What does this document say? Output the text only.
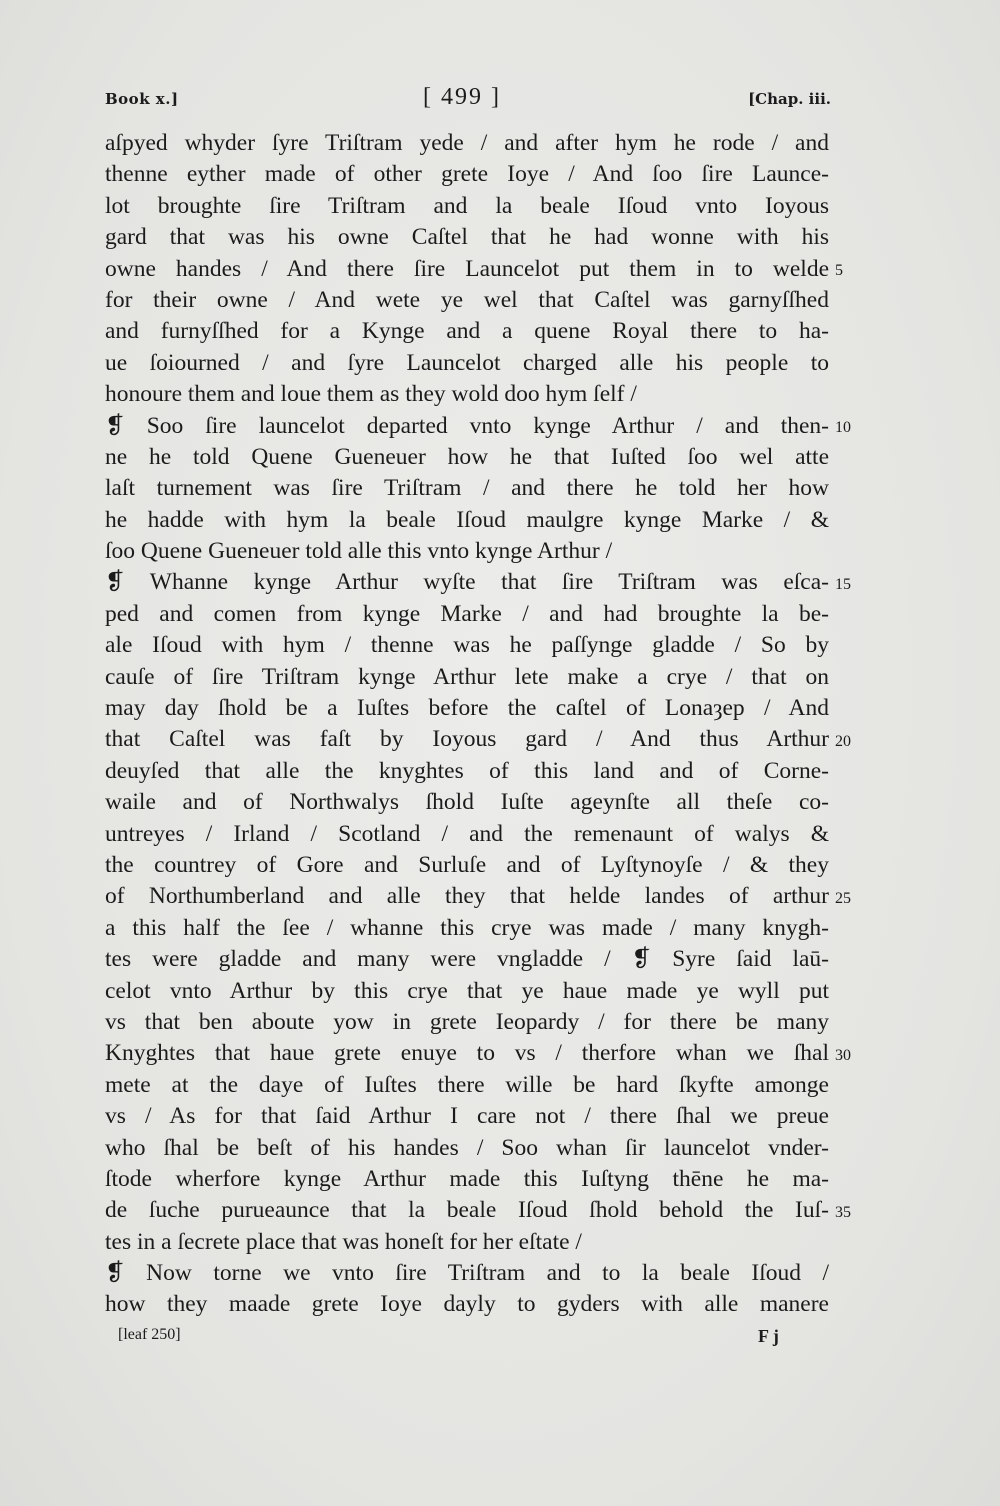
Book x.]	[ 499 ]	[Chap. iii.
aſpyed whyder ſyre Triſtram yede / and after hym he rode / and
thenne eyther made of other grete Ioye / And ſoo ſire Launce-
lot broughte ſire Triſtram and la beale Iſoud vnto Ioyous
gard that was his owne Caſtel that he had wonne with his
owne handes / And there ſire Launcelot put them in to welde
for their owne / And wete ye wel that Caſtel was garnyſſhed
and furnyſſhed for a Kynge and a quene Royal there to ha-
ue ſoiourned / and ſyre Launcelot charged alle his people to
honoure them and loue them as they wold doo hym ſelf /
❡ Soo ſire launcelot departed vnto kynge Arthur / and then-
ne he told Quene Gueneuer how he that Iuſted ſoo wel atte
laſt turnement was ſire Triſtram / and there he told her how
he hadde with hym la beale Iſoud maulgre kynge Marke / &
ſoo Quene Gueneuer told alle this vnto kynge Arthur /
❡ Whanne kynge Arthur wyſte that ſire Triſtram was eſca-
ped and comen from kynge Marke / and had broughte la be-
ale Iſoud with hym / thenne was he paſſynge gladde / So by
cauſe of ſire Triſtram kynge Arthur lete make a crye / that on
may day ſhold be a Iuſtes before the caſtel of Lonaȝep / And
that Caſtel was faſt by Ioyous gard / And thus Arthur
deuyſed that alle the knyghtes of this land and of Corne-
waile and of Northwalys ſhold Iuſte ageynſte all theſe co-
untreyes / Irland / Scotland / and the remenaunt of walys &
the countrey of Gore and Surluſe and of Lyſtynoyſe / & they
of Northumberland and alle they that helde landes of arthur
a this half the ſee / whanne this crye was made / many knygh-
tes were gladde and many were vngladde / ❡ Syre ſaid laū-
celot vnto Arthur by this crye that ye haue made ye wyll put
vs that ben aboute yow in grete Ieopardy / for there be many
Knyghtes that haue grete enuye to vs / therfore whan we ſhal
mete at the daye of Iuſtes there wille be hard ſkyfte amonge
vs / As for that ſaid Arthur I care not / there ſhal we preue
who ſhal be beſt of his handes / Soo whan ſir launcelot vnder-
ſtode wherfore kynge Arthur made this Iuſtyng thēne he ma-
de ſuche purueaunce that la beale Iſoud ſhold behold the Iuſ-
tes in a ſecrete place that was honeſt for her eſtate /
❡ Now torne we vnto ſire Triſtram and to la beale Iſoud /
how they maade grete Ioye dayly to gyders with alle manere
5
10
15
20
25
30
35
[leaf 250]	F j
